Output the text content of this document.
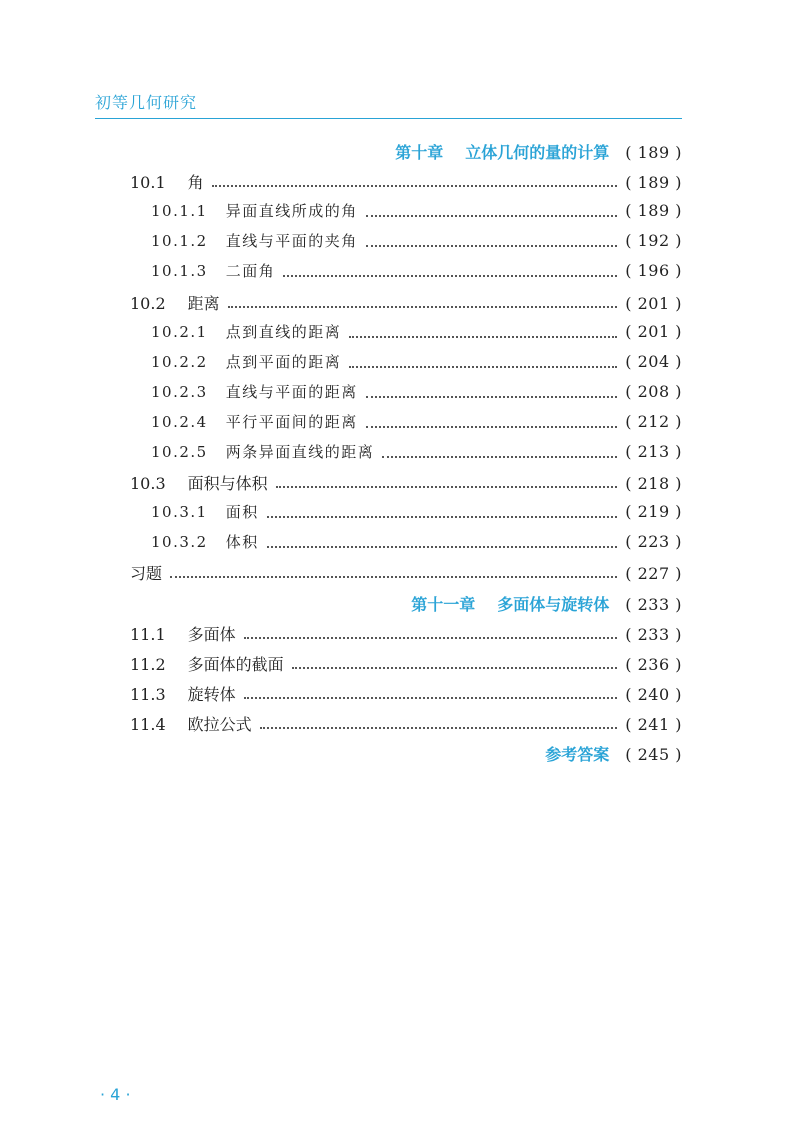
初等几何研究
第十章 立体几何的量的计算 ( 189 )
10.1 角	( 189 )
10.1.1 异面直线所成的角	( 189 )
10.1.2 直线与平面的夹角	( 192 )
10.1.3 二面角	( 196 )
10.2 距离	( 201 )
10.2.1 点到直线的距离	( 201 )
10.2.2 点到平面的距离	( 204 )
10.2.3 直线与平面的距离	( 208 )
10.2.4 平行平面间的距离	( 212 )
10.2.5 两条异面直线的距离	( 213 )
10.3 面积与体积	( 218 )
10.3.1 面积	( 219 )
10.3.2 体积	( 223 )
习题	( 227 )
第十一章 多面体与旋转体 ( 233 )
11.1 多面体	( 233 )
11.2 多面体的截面	( 236 )
11.3 旋转体	( 240 )
11.4 欧拉公式	( 241 )
参考答案 ( 245 )
· 4 ·
